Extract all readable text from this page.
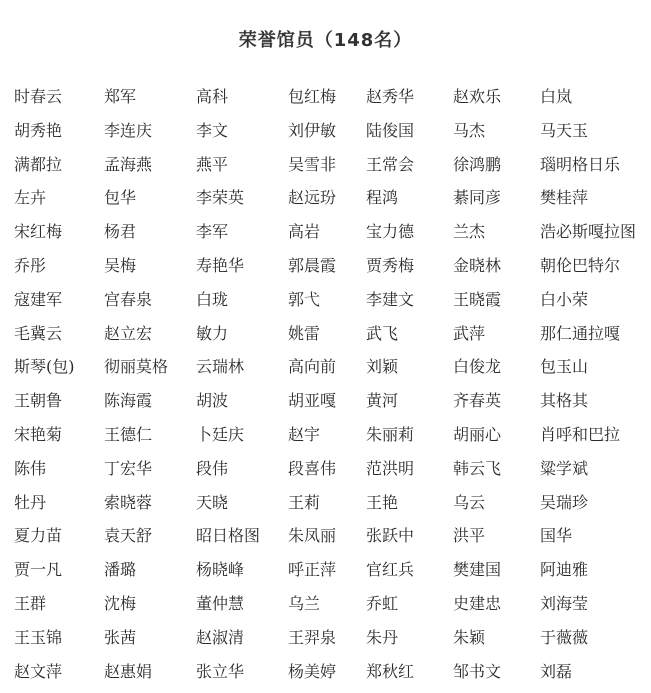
荣誉馆员（148名）
时春云	郑军	高科	包红梅	赵秀华	赵欢乐	白岚
胡秀艳	李连庆	李文	刘伊敏	陆俊国	马杰	马天玉
满都拉	孟海燕	燕平	吴雪非	王常会	徐鸿鹏	瑙明格日乐
左卉	包华	李荣英	赵远玢	程鸿	綦同彦	樊桂萍
宋红梅	杨君	李军	高岩	宝力德	兰杰	浩必斯嘎拉图
乔彤	吴梅	寿艳华	郭晨霞	贾秀梅	金晓林	朝伦巴特尔
寇建军	宫春泉	白珑	郭弋	李建文	王晓霞	白小荣
毛冀云	赵立宏	敏力	姚雷	武飞	武萍	那仁通拉嘎
斯琴(包)	彻丽莫格	云瑞林	高向前	刘颖	白俊龙	包玉山
王朝鲁	陈海霞	胡波	胡亚嘎	黄河	齐春英	其格其
宋艳菊	王德仁	卜廷庆	赵宇	朱丽莉	胡丽心	肖呼和巴拉
陈伟	丁宏华	段伟	段喜伟	范洪明	韩云飞	粱学斌
牡丹	索晓蓉	天晓	王莉	王艳	乌云	吴瑞珍
夏力苗	袁天舒	昭日格图	朱凤丽	张跃中	洪平	国华
贾一凡	潘璐	杨晓峰	呼正萍	官红兵	樊建国	阿迪雅
王群	沈梅	董仲慧	乌兰	乔虹	史建忠	刘海莹
王玉锦	张茜	赵淑清	王羿泉	朱丹	朱颖	于薇薇
赵文萍	赵惠娟	张立华	杨美婷	郑秋红	邹书文	刘磊
